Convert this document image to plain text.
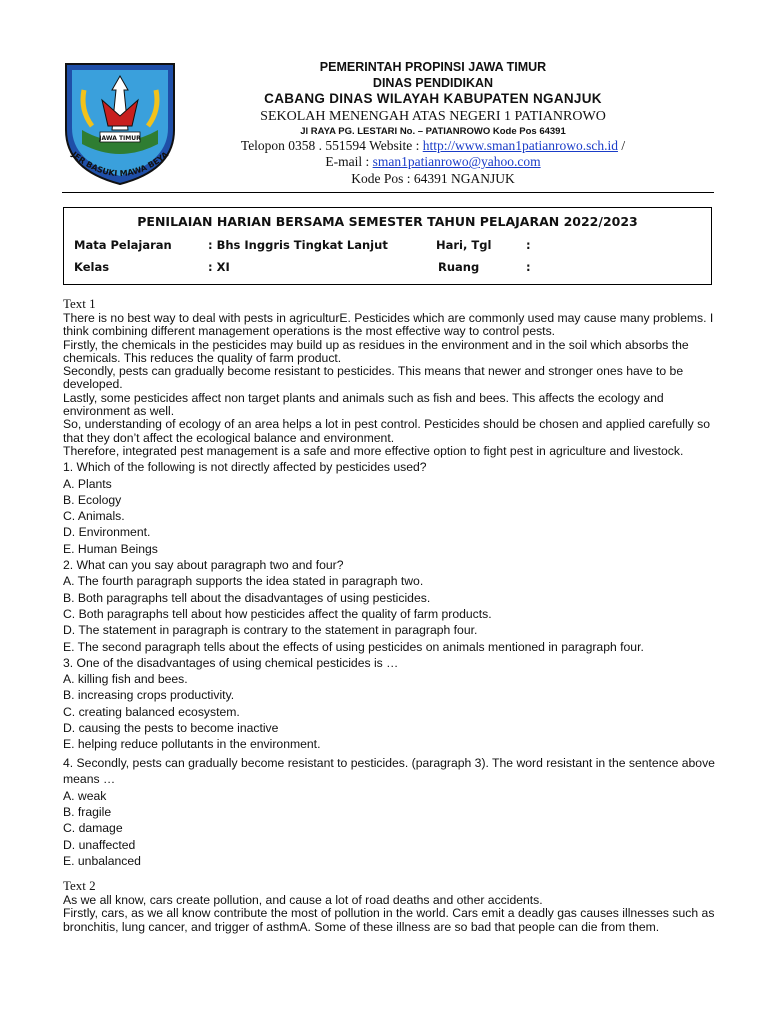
JAWA TIMUR
JER BASUKI MAWA BEYA
PEMERINTAH PROPINSI JAWA TIMUR
DINAS PENDIDIKAN
CABANG DINAS WILAYAH KABUPATEN NGANJUK
SEKOLAH MENENGAH ATAS NEGERI 1 PATIANROWO
Jl RAYA PG. LESTARI No. – PATIANROWO Kode Pos 64391
Telopon 0358 . 551594 Website : http://www.sman1patianrowo.sch.id /
E-mail : sman1patianrowo@yahoo.com
Kode Pos : 64391 NGANJUK
PENILAIAN HARIAN BERSAMA SEMESTER TAHUN PELAJARAN 2022/2023
Mata Pelajaran	: Bhs Inggris Tingkat Lanjut	Hari, Tgl	:
Kelas	: XI	Ruang	:

Text 1

There is no best way to deal with pests in agriculturE. Pesticides which are commonly used may cause many problems. I think combining different management operations is the most effective way to control pests.

Firstly, the chemicals in the pesticides may build up as residues in the environment and in the soil which absorbs the chemicals. This reduces the quality of farm product.

Secondly, pests can gradually become resistant to pesticides. This means that newer and stronger ones have to be developed.

Lastly, some pesticides affect non target plants and animals such as fish and bees. This affects the ecology and environment as well.

So, understanding of ecology of an area helps a lot in pest control. Pesticides should be chosen and applied carefully so that they don’t affect the ecological balance and environment.

Therefore, integrated pest management is a safe and more effective option to fight pest in agriculture and livestock.

1. Which of the following is not directly affected by pesticides used?

A. Plants

B. Ecology

C. Animals.

D. Environment.

E. Human Beings

2. What can you say about paragraph two and four?

A. The fourth paragraph supports the idea stated in paragraph two.

B. Both paragraphs tell about the disadvantages of using pesticides.

C. Both paragraphs tell about how pesticides affect the quality of farm products.

D. The statement in paragraph is contrary to the statement in paragraph four.

E. The second paragraph tells about the effects of using pesticides on animals mentioned in paragraph four.

3. One of the disadvantages of using chemical pesticides is …

A. killing fish and bees.

B. increasing crops productivity.

C. creating balanced ecosystem.

D. causing the pests to become inactive

E. helping reduce pollutants in the environment.

4. Secondly, pests can gradually become resistant to pesticides. (paragraph 3). The word resistant in the sentence above means …

A. weak

B. fragile

C. damage

D. unaffected

E. unbalanced

Text 2

As we all know, cars create pollution, and cause a lot of road deaths and other accidents.

Firstly, cars, as we all know contribute the most of pollution in the world. Cars emit a deadly gas causes illnesses such as bronchitis, lung cancer, and trigger of asthmA. Some of these illness are so bad that people can die from them.
